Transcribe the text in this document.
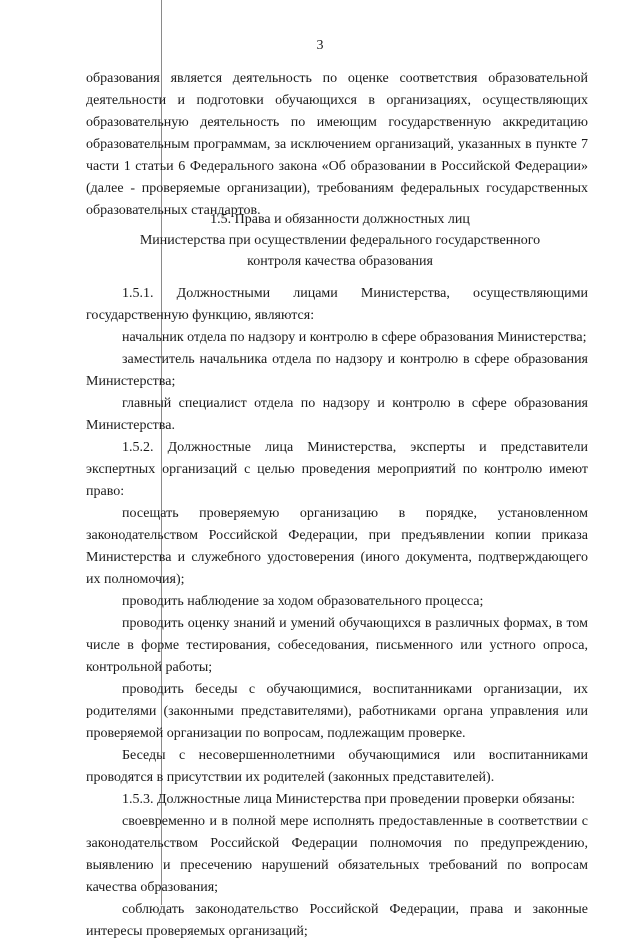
3

образования является деятельность по оценке соответствия образовательной деятельности и подготовки обучающихся в организациях, осуществляющих образовательную деятельность по имеющим государственную аккредитацию образовательным программам, за исключением организаций, указанных в пункте 7 части 1 статьи 6 Федерального закона «Об образовании в Российской Федерации» (далее - проверяемые организации), требованиям федеральных государственных образовательных стандартов.

1.5. Права и обязанности должностных лиц
Министерства при осуществлении федерального государственного
контроля качества образования

1.5.1. Должностными лицами Министерства, осуществляющими государственную функцию, являются:

начальник отдела по надзору и контролю в сфере образования Министерства;

заместитель начальника отдела по надзору и контролю в сфере образования Министерства;

главный специалист отдела по надзору и контролю в сфере образования Министерства.

1.5.2. Должностные лица Министерства, эксперты и представители экспертных организаций с целью проведения мероприятий по контролю имеют право:

посещать проверяемую организацию в порядке, установленном законодательством Российской Федерации, при предъявлении копии приказа Министерства и служебного удостоверения (иного документа, подтверждающего их полномочия);

проводить наблюдение за ходом образовательного процесса;

проводить оценку знаний и умений обучающихся в различных формах, в том числе в форме тестирования, собеседования, письменного или устного опроса, контрольной работы;

проводить беседы с обучающимися, воспитанниками организации, их родителями (законными представителями), работниками органа управления или проверяемой организации по вопросам, подлежащим проверке.

Беседы с несовершеннолетними обучающимися или воспитанниками проводятся в присутствии их родителей (законных представителей).

1.5.3. Должностные лица Министерства при проведении проверки обязаны:

своевременно и в полной мере исполнять предоставленные в соответствии с законодательством Российской Федерации полномочия по предупреждению, выявлению и пресечению нарушений обязательных требований по вопросам качества образования;

соблюдать законодательство Российской Федерации, права и законные интересы проверяемых организаций;
